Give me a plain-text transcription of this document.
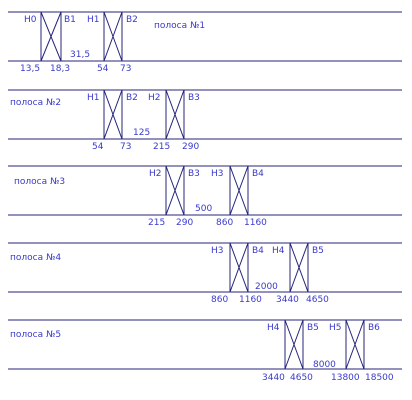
полоса №1
H0	B1 H1	B2
31,5
13,5 18,3	54 73
полоса №2	H1	B2 H2	B3
125
54 73 215 290
полоса №3
H2	B3 H3	B4
500
215 290	860 1160
полоса №4
H3	B4 H4	B5
2000
860 1160 3440 4650
полоса №5
H4	B5 H5	B6
8000
3440 4650 13800 18500
